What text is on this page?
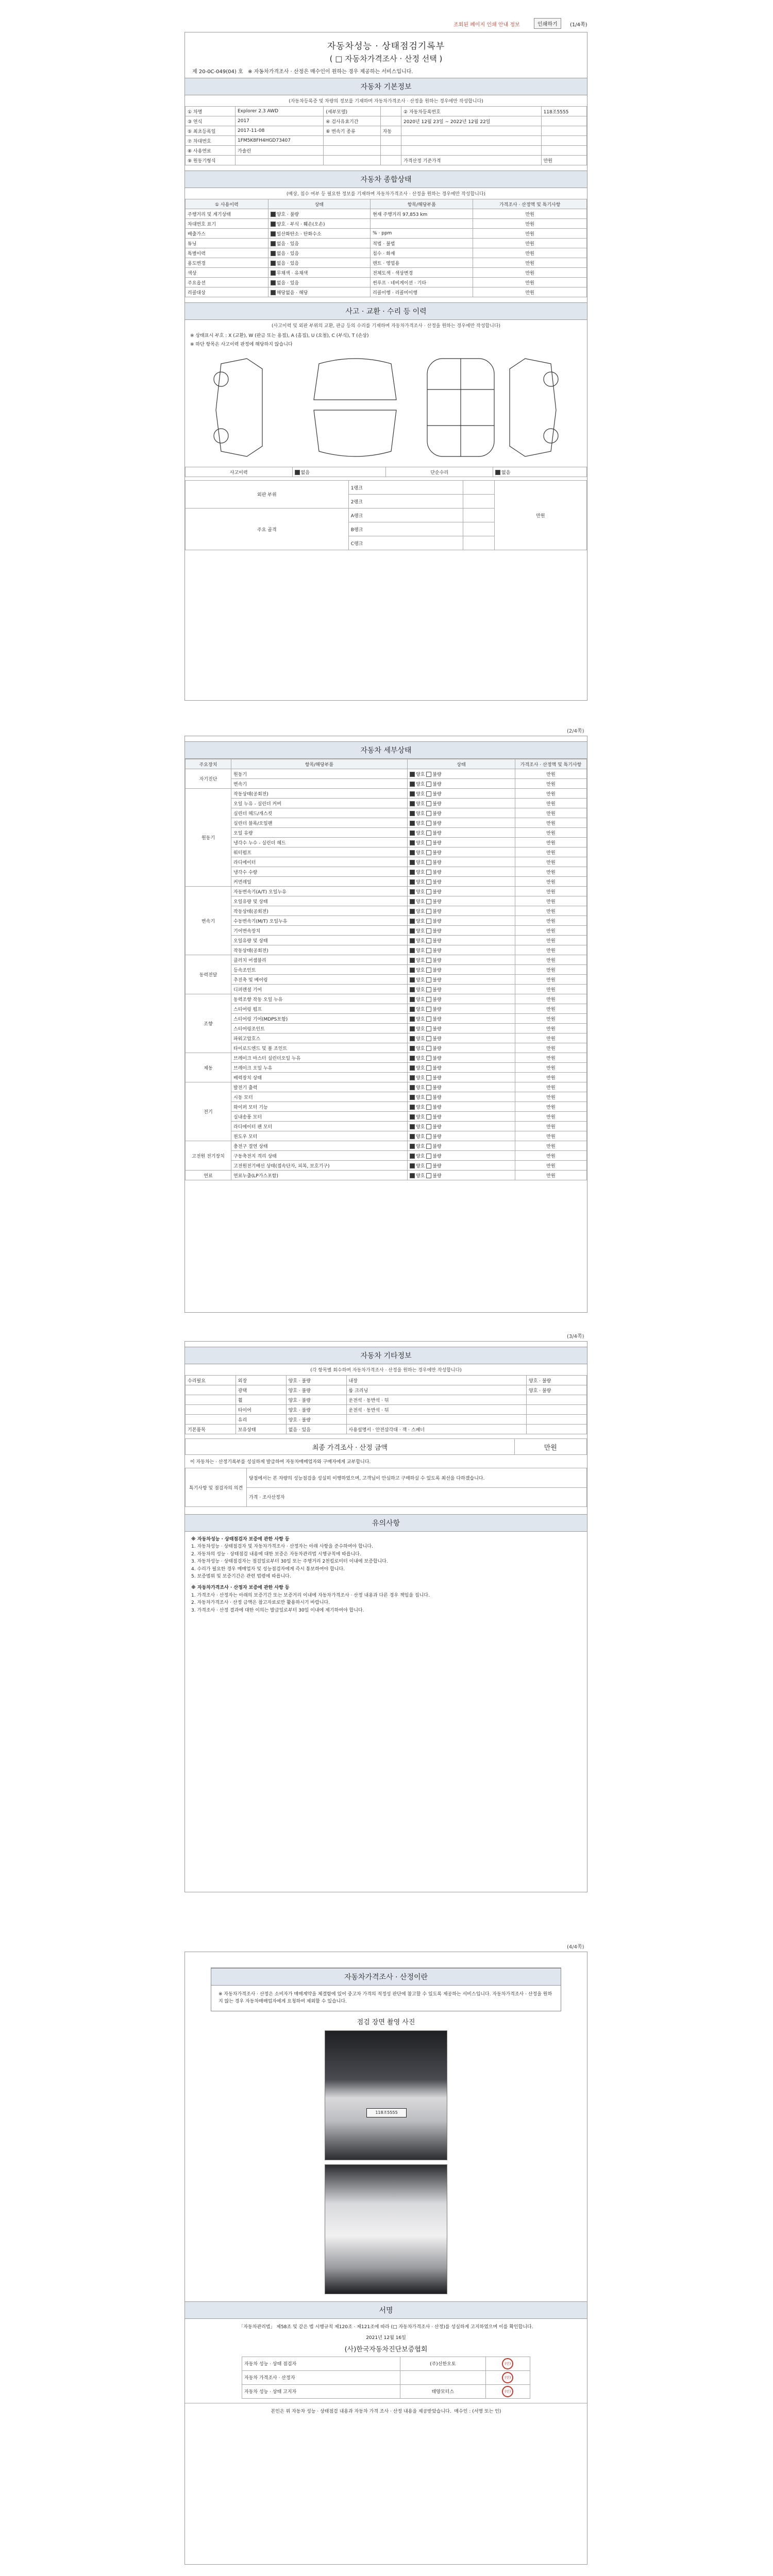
조회된 페이지 인쇄 안내 정보	인쇄하기	(1/4쪽)
자동차성능 · 상태점검기록부
( □ 자동차가격조사 · 산정 선택 )
제 20-0C-049(04) 호 ※ 자동차가격조사 · 산정은 매수인이 원하는 경우 제공하는 서비스입니다.
자동차 기본정보
(자동차등록증 및 차량의 정보를 기재하며 자동차가격조사 · 산정을 원하는 경우에만 작성합니다)
① 차명	Explorer 2.3 AWD	(세부모델)		② 자동차등록번호	118조5555
③ 연식	2017	④ 검사유효기간		2020년 12월 23일 ~ 2022년 12월 22일	
⑤ 최초등록일	2017-11-08	⑥ 변속기 종류	자동		
⑦ 차대번호	1FM5K8FH4HGD73407				
⑧ 사용연료	가솔린				
⑨ 원동기형식				가격산정 기준가격	만원
자동차 종합상태
(배상, 침수 여부 등 필요한 정보를 기재하며 자동차가격조사 · 산정을 원하는 경우에만 작성합니다)
① 사용이력	상태	항목/해당부품	가격조사 · 산정액 및 특기사항
주행거리 및 계기상태	양호 · 불량	현재 주행거리 97,853 km	만원
차대번호 표기	양호 · 부식 · 훼손(오손)		만원
배출가스	일산화탄소 · 탄화수소	% · ppm	만원
튜닝	없음 · 있음	적법 · 불법	만원
특별이력	없음 · 있음	침수 · 화재	만원
용도변경	없음 · 있음	렌트 · 영업용	만원
색상	무채색 · 유채색	전체도색 · 색상변경	만원
주요옵션	없음 · 있음	썬루프 · 네비게이션 · 기타	만원
리콜대상	해당없음 · 해당	리콜이행 · 리콜미이행	만원
사고 · 교환 · 수리 등 이력
(사고이력 및 외판 부위의 교환, 판금 등의 수리를 기재하며 자동차가격조사 · 산정을 원하는 경우에만 작성합니다)
※ 상태표시 부호 : X (교환), W (판금 또는 용접), A (흠집), U (요철), C (부식), T (손상)
※ 하단 항목은 사고이력 판정에 해당하지 않습니다
사고이력	없음	단순수리	없음
외판 부위	1랭크		만원
	2랭크		
주요 골격	A랭크		
	B랭크		
	C랭크		
(2/4쪽)
자동차 세부상태
주요장치	항목/해당부품	상태	가격조사 · 산정액 및 특기사항
자기진단	원동기	양호 불량	만원
	변속기	양호 불량	만원
원동기	작동상태(공회전)	양호 불량	만원
	오일 누유 - 실린더 커버	양호 불량	만원
	실린더 헤드/개스킷	양호 불량	만원
	실린더 블록/오일팬	양호 불량	만원
	오일 유량	양호 불량	만원
	냉각수 누수 - 실린더 헤드	양호 불량	만원
	워터펌프	양호 불량	만원
	라디에이터	양호 불량	만원
	냉각수 수량	양호 불량	만원
	커먼레일	양호 불량	만원
변속기	자동변속기(A/T) 오일누유	양호 불량	만원
	오일유량 및 상태	양호 불량	만원
	작동상태(공회전)	양호 불량	만원
	수동변속기(M/T) 오일누유	양호 불량	만원
	기어변속장치	양호 불량	만원
	오일유량 및 상태	양호 불량	만원
	작동상태(공회전)	양호 불량	만원
동력전달	클러치 어셈블리	양호 불량	만원
	등속조인트	양호 불량	만원
	추진축 및 베어링	양호 불량	만원
	디퍼렌셜 기어	양호 불량	만원
조향	동력조향 작동 오일 누유	양호 불량	만원
	스티어링 펌프	양호 불량	만원
	스티어링 기어(MDPS포함)	양호 불량	만원
	스티어링조인트	양호 불량	만원
	파워고압호스	양호 불량	만원
	타이로드엔드 및 볼 조인트	양호 불량	만원
제동	브레이크 마스터 실린더오일 누유	양호 불량	만원
	브레이크 오일 누유	양호 불량	만원
	배력장치 상태	양호 불량	만원
전기	발전기 출력	양호 불량	만원
	시동 모터	양호 불량	만원
	와이퍼 모터 기능	양호 불량	만원
	실내송풍 모터	양호 불량	만원
	라디에이터 팬 모터	양호 불량	만원
	윈도우 모터	양호 불량	만원
고전원 전기장치	충전구 절연 상태	양호 불량	만원
	구동축전지 격리 상태	양호 불량	만원
	고전원전기배선 상태(접속단자, 피복, 보호기구)	양호 불량	만원
연료	연료누출(LP가스포함)	양호 불량	만원
(3/4쪽)
자동차 기타정보
(각 항목별 회수하며 자동차가격조사 · 산정을 원하는 경우에만 작성합니다)
수리필요	외장	양호 · 불량	내장	양호 · 불량
	광택	양호 · 불량	룸 크리닝	양호 · 불량
	휠	양호 · 불량	운전석 · 동반석 · 뒤	
	타이어	양호 · 불량	운전석 · 동반석 · 뒤	
	유리	양호 · 불량		
기본품목	보유상태	없음 · 있음	사용설명서 · 안전삼각대 · 잭 · 스패너	
최종 가격조사 · 산정 금액	만원
이 자동차는 · 산정기록부를 성실하게 발급하여 자동차매매업자와 구매자에게 교부합니다.
특기사항 및 점검자의 의견	당점에서는 본 차량의 성능점검을 성실히 이행하였으며, 고객님이 안심하고 구매하실 수 있도록 최선을 다하겠습니다.
가격 · 조사산정자
유의사항
※ 자동차성능 · 상태점검자 보증에 관한 사항 등
1. 자동차성능 · 상태점검자 및 자동차가격조사 · 산정자는 아래 사항을 준수하여야 합니다.
2. 자동차의 성능 · 상태점검 내용에 대한 보증은 자동차관리법 시행규칙에 따릅니다.
3. 자동차성능 · 상태점검자는 점검일로부터 30일 또는 주행거리 2천킬로미터 이내에 보증합니다.
4. 수리가 필요한 경우 매매업자 및 성능점검자에게 즉시 통보하여야 합니다.
5. 보증범위 및 보증기간은 관련 법령에 따릅니다.
※ 자동차가격조사 · 산정자 보증에 관한 사항 등
1. 가격조사 · 산정자는 아래의 보증기간 또는 보증거리 이내에 자동차가격조사 · 산정 내용과 다른 경우 책임을 집니다.
2. 자동차가격조사 · 산정 금액은 참고자료로만 활용하시기 바랍니다.
3. 가격조사 · 산정 결과에 대한 이의는 발급일로부터 30일 이내에 제기하여야 합니다.
(4/4쪽)
자동차가격조사 · 산정이란
※ 자동차가격조사 · 산정은 소비자가 매매계약을 체결함에 있어 중고차 가격의 적정성 판단에 참고할 수 있도록 제공하는 서비스입니다. 자동차가격조사 · 산정을 원하지 않는 경우 자동차매매업자에게 요청하여 제외할 수 있습니다.
점검 장면 촬영 사진
118조5555
서명
「자동차관리법」 제58조 및 같은 법 시행규칙 제120조 · 제121조에 따라 (□ 자동차가격조사 · 산정)를 성실하게 고지하였으며 이를 확인합니다.
2021년 12월 16일
(사)한국자동차진단보증협회
자동차 성능 · 상태 점검자	(주)신한오토	(인)
자동차 가격조사 · 산정자		(인)
자동차 성능 · 상태 고지자	태양모터스	(인)
본인은 위 자동차 성능 · 상태점검 내용과 자동차 가격 조사 · 산정 내용을 제공받았습니다. 매수인 : (서명 또는 인)
